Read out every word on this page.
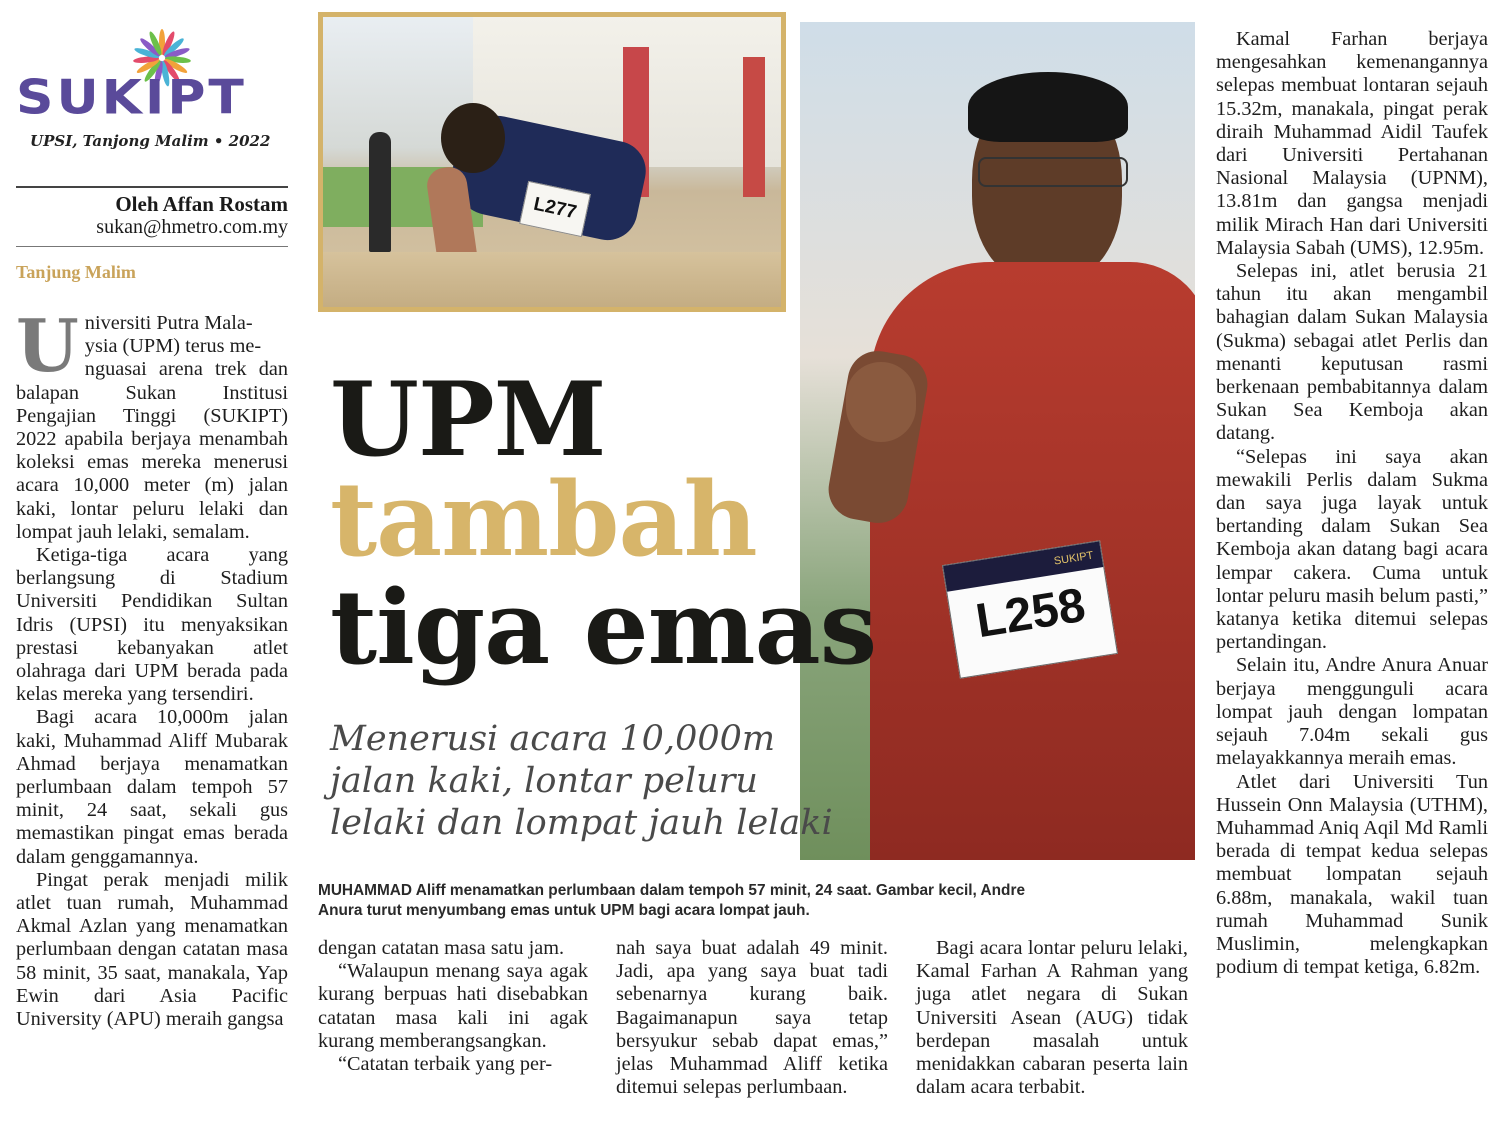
SUKIPT
UPSI, Tanjong Malim • 2022
Oleh Affan Rostam
sukan@hmetro.com.my
Tanjung Malim

U niversiti Putra Mala-
ysia (UPM) terus me-
nguasai arena trek dan balapan Sukan Institusi Pengajian Tinggi (SUKIPT) 2022 apabila berjaya menambah koleksi emas mereka menerusi acara 10,000 meter (m) jalan kaki, lontar peluru lelaki dan lompat jauh lelaki, semalam.

Ketiga-tiga acara yang berlangsung di Stadium Universiti Pendidikan Sultan Idris (UPSI) itu menyaksikan prestasi kebanyakan atlet olahraga dari UPM berada pada kelas mereka yang tersendiri.

Bagi acara 10,000m jalan kaki, Muhammad Aliff Mubarak Ahmad berjaya menamatkan perlumbaan dalam tempoh 57 minit, 24 saat, sekali gus memastikan pingat emas berada dalam genggamannya.

Pingat perak menjadi milik atlet tuan rumah, Muhammad Akmal Azlan yang menamatkan perlumbaan dengan catatan masa 58 minit, 35 saat, manakala, Yap Ewin dari Asia Pacific University (APU) meraih gangsa

L277
SUKIPT
L258
UPM
tambah
tiga emas
Menerusi acara 10,000m
jalan kaki, lontar peluru
lelaki dan lompat jauh lelaki
MUHAMMAD Aliff menamatkan perlumbaan dalam tempoh 57 minit, 24 saat. Gambar kecil, Andre
Anura turut menyumbang emas untuk UPM bagi acara lompat jauh.

dengan catatan masa satu jam.

“Walaupun menang saya agak kurang berpuas hati disebabkan catatan masa kali ini agak kurang memberangsangkan.

“Catatan terbaik yang per-

nah saya buat adalah 49 minit. Jadi, apa yang saya buat tadi sebenarnya kurang baik. Bagaimanapun saya tetap bersyukur sebab dapat emas,” jelas Muhammad Aliff ketika ditemui selepas perlumbaan.

Bagi acara lontar peluru lelaki, Kamal Farhan A Rahman yang juga atlet negara di Sukan Universiti Asean (AUG) tidak berdepan masalah untuk menidakkan cabaran peserta lain dalam acara terbabit.

Kamal Farhan berjaya mengesahkan kemenangannya selepas membuat lontaran sejauh 15.32m, manakala, pingat perak diraih Muhammad Aidil Taufek dari Universiti Pertahanan Nasional Malaysia (UPNM), 13.81m dan gangsa menjadi milik Mirach Han dari Universiti Malaysia Sabah (UMS), 12.95m.

Selepas ini, atlet berusia 21 tahun itu akan mengambil bahagian dalam Sukan Malaysia (Sukma) sebagai atlet Perlis dan menanti keputusan rasmi berkenaan pembabitannya dalam Sukan Sea Kemboja akan datang.

“Selepas ini saya akan mewakili Perlis dalam Sukma dan saya juga layak untuk bertanding dalam Sukan Sea Kemboja akan datang bagi acara lempar cakera. Cuma untuk lontar peluru masih belum pasti,” katanya ketika ditemui selepas pertandingan.

Selain itu, Andre Anura Anuar berjaya menggunguli acara lompat jauh dengan lompatan sejauh 7.04m sekali gus melayakkannya meraih emas.

Atlet dari Universiti Tun Hussein Onn Malaysia (UTHM), Muhammad Aniq Aqil Md Ramli berada di tempat kedua selepas membuat lompatan sejauh 6.88m, manakala, wakil tuan rumah Muhammad Sunik Muslimin, melengkapkan podium di tempat ketiga, 6.82m.
